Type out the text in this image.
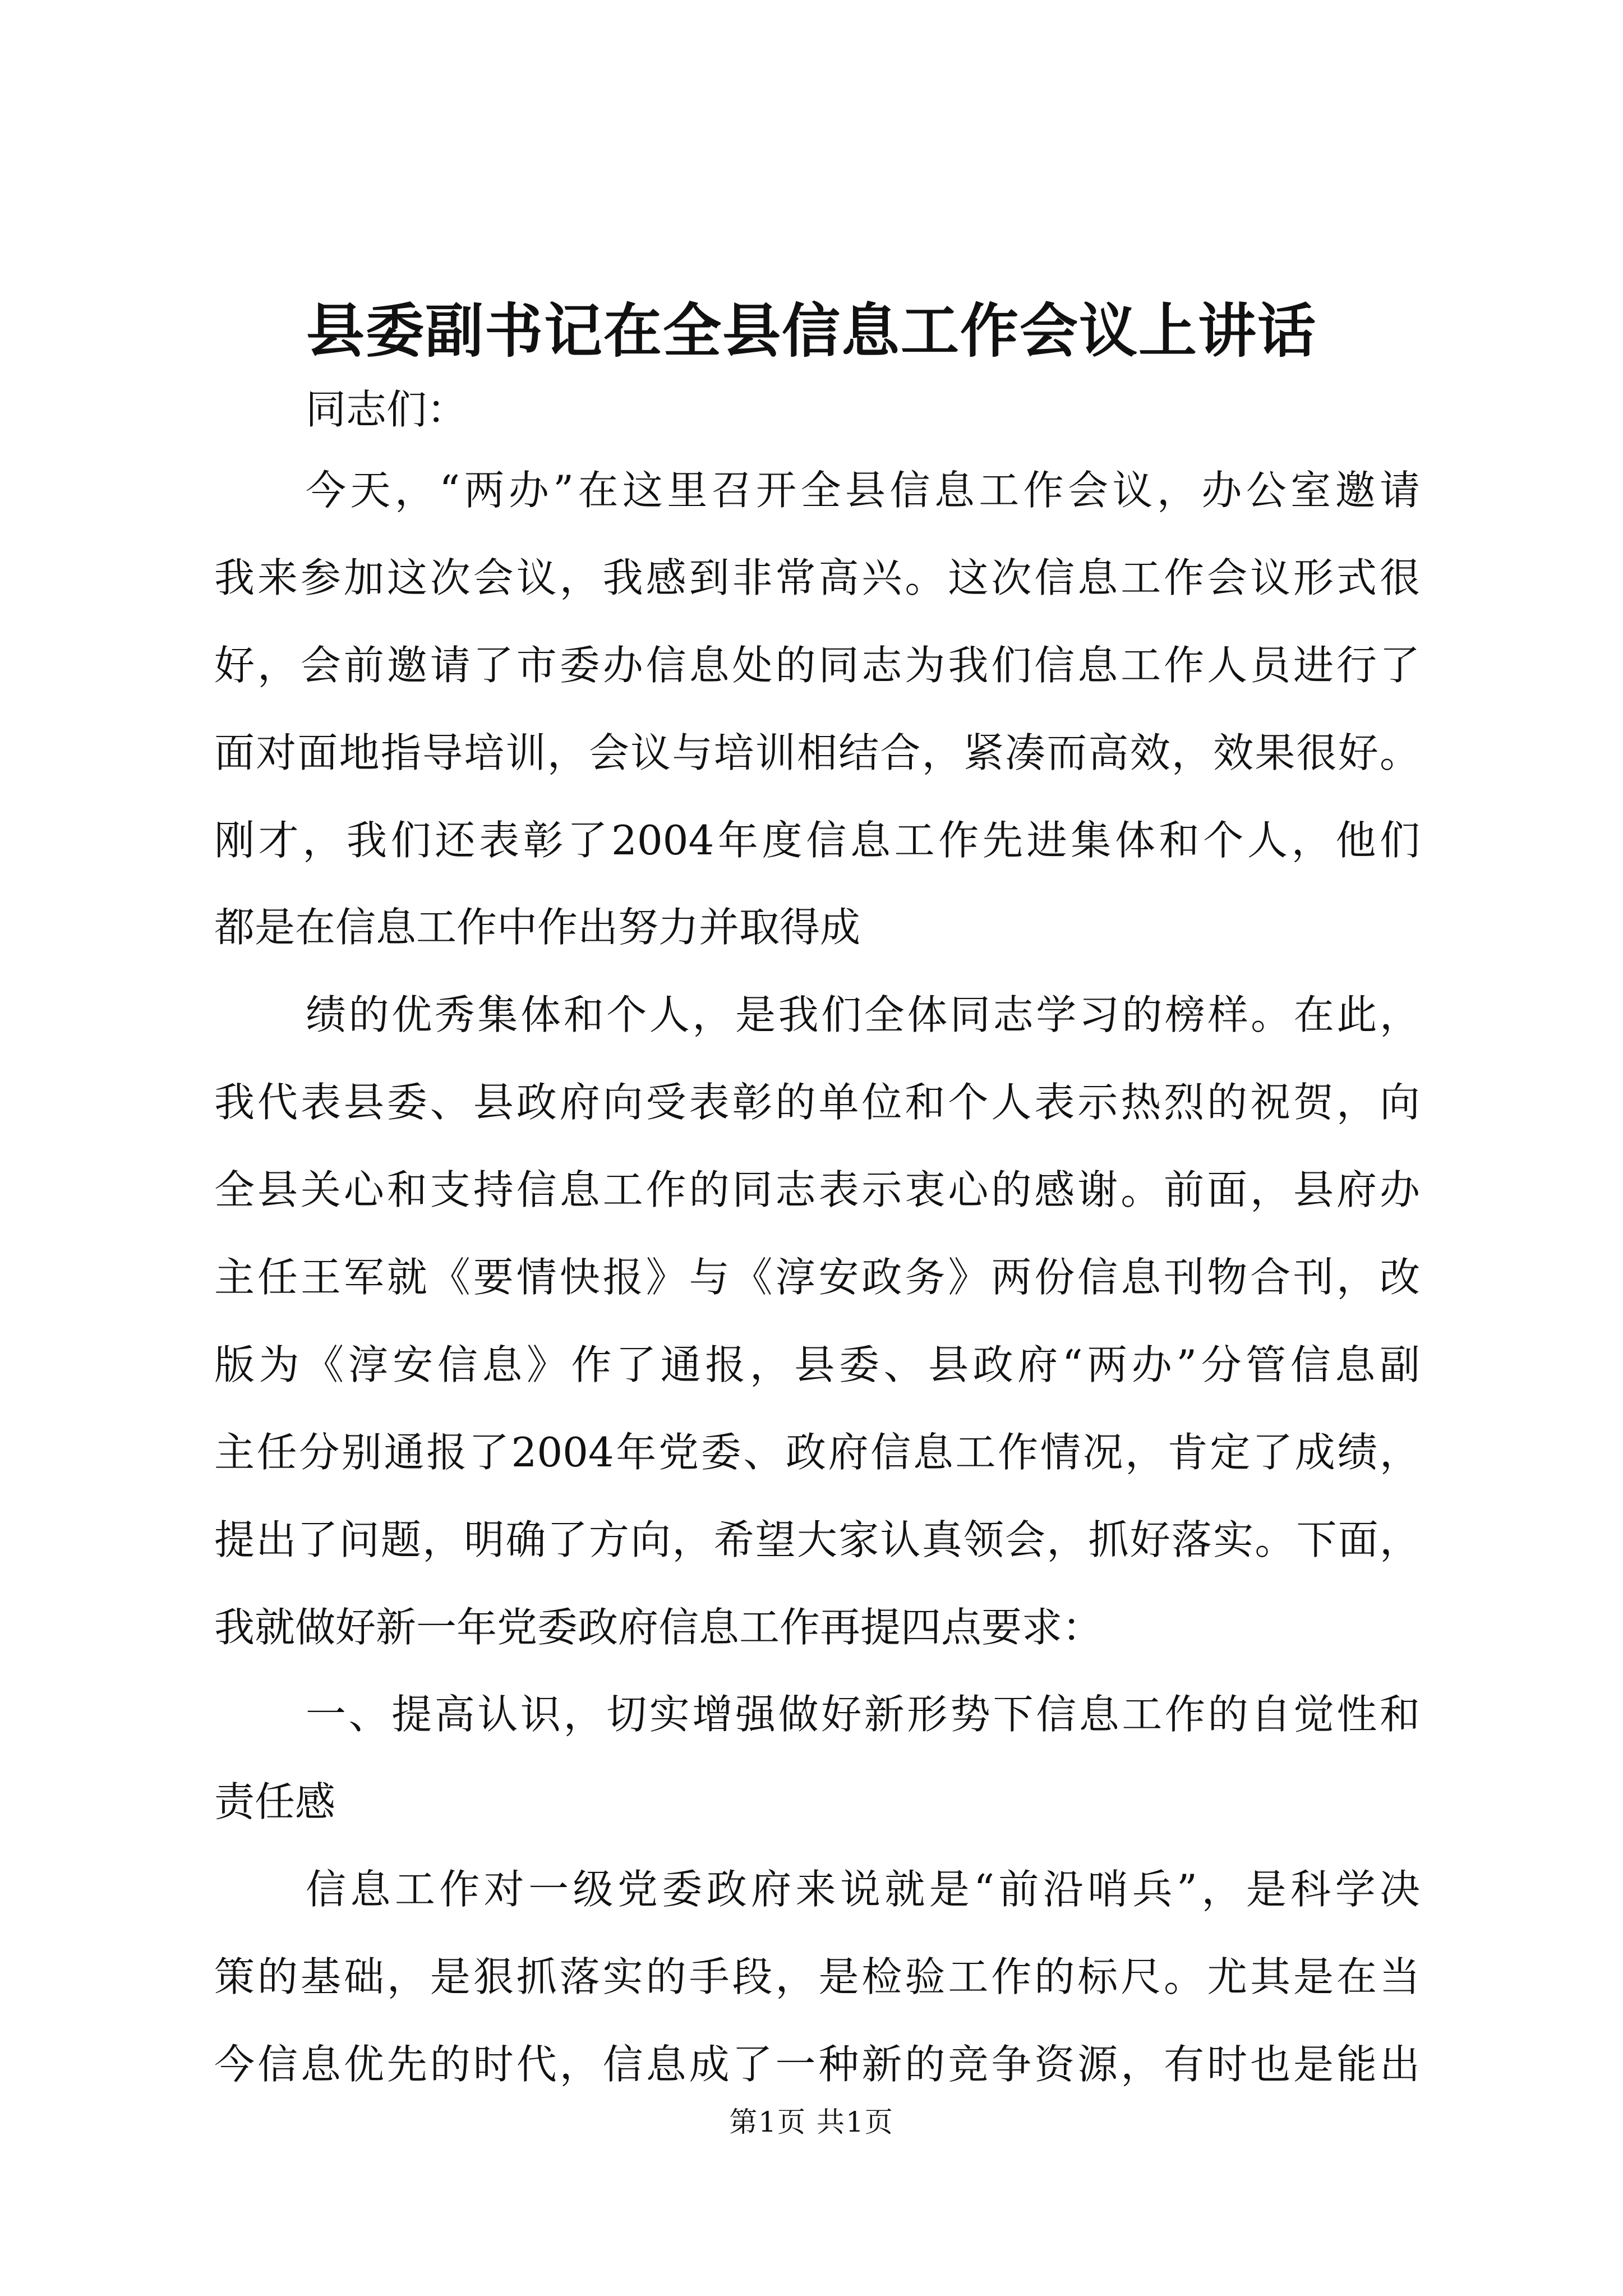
县委副书记在全县信息工作会议上讲话
同志们：
今天，“两办”在这里召开全县信息工作会议，办公室邀请
我来参加这次会议，我感到非常高兴。这次信息工作会议形式很
好，会前邀请了市委办信息处的同志为我们信息工作人员进行了
面对面地指导培训，会议与培训相结合，紧凑而高效，效果很好。
刚才，我们还表彰了2004年度信息工作先进集体和个人，他们
都是在信息工作中作出努力并取得成
绩的优秀集体和个人，是我们全体同志学习的榜样。在此，
我代表县委、县政府向受表彰的单位和个人表示热烈的祝贺，向
全县关心和支持信息工作的同志表示衷心的感谢。前面，县府办
主任王军就《要情快报》与《淳安政务》两份信息刊物合刊，改
版为《淳安信息》作了通报，县委、县政府“两办”分管信息副
主任分别通报了2004年党委、政府信息工作情况，肯定了成绩，
提出了问题，明确了方向，希望大家认真领会，抓好落实。下面，
我就做好新一年党委政府信息工作再提四点要求：
一、提高认识，切实增强做好新形势下信息工作的自觉性和
责任感
信息工作对一级党委政府来说就是“前沿哨兵”，是科学决
策的基础，是狠抓落实的手段，是检验工作的标尺。尤其是在当
今信息优先的时代，信息成了一种新的竞争资源，有时也是能出
第1页 共1页
